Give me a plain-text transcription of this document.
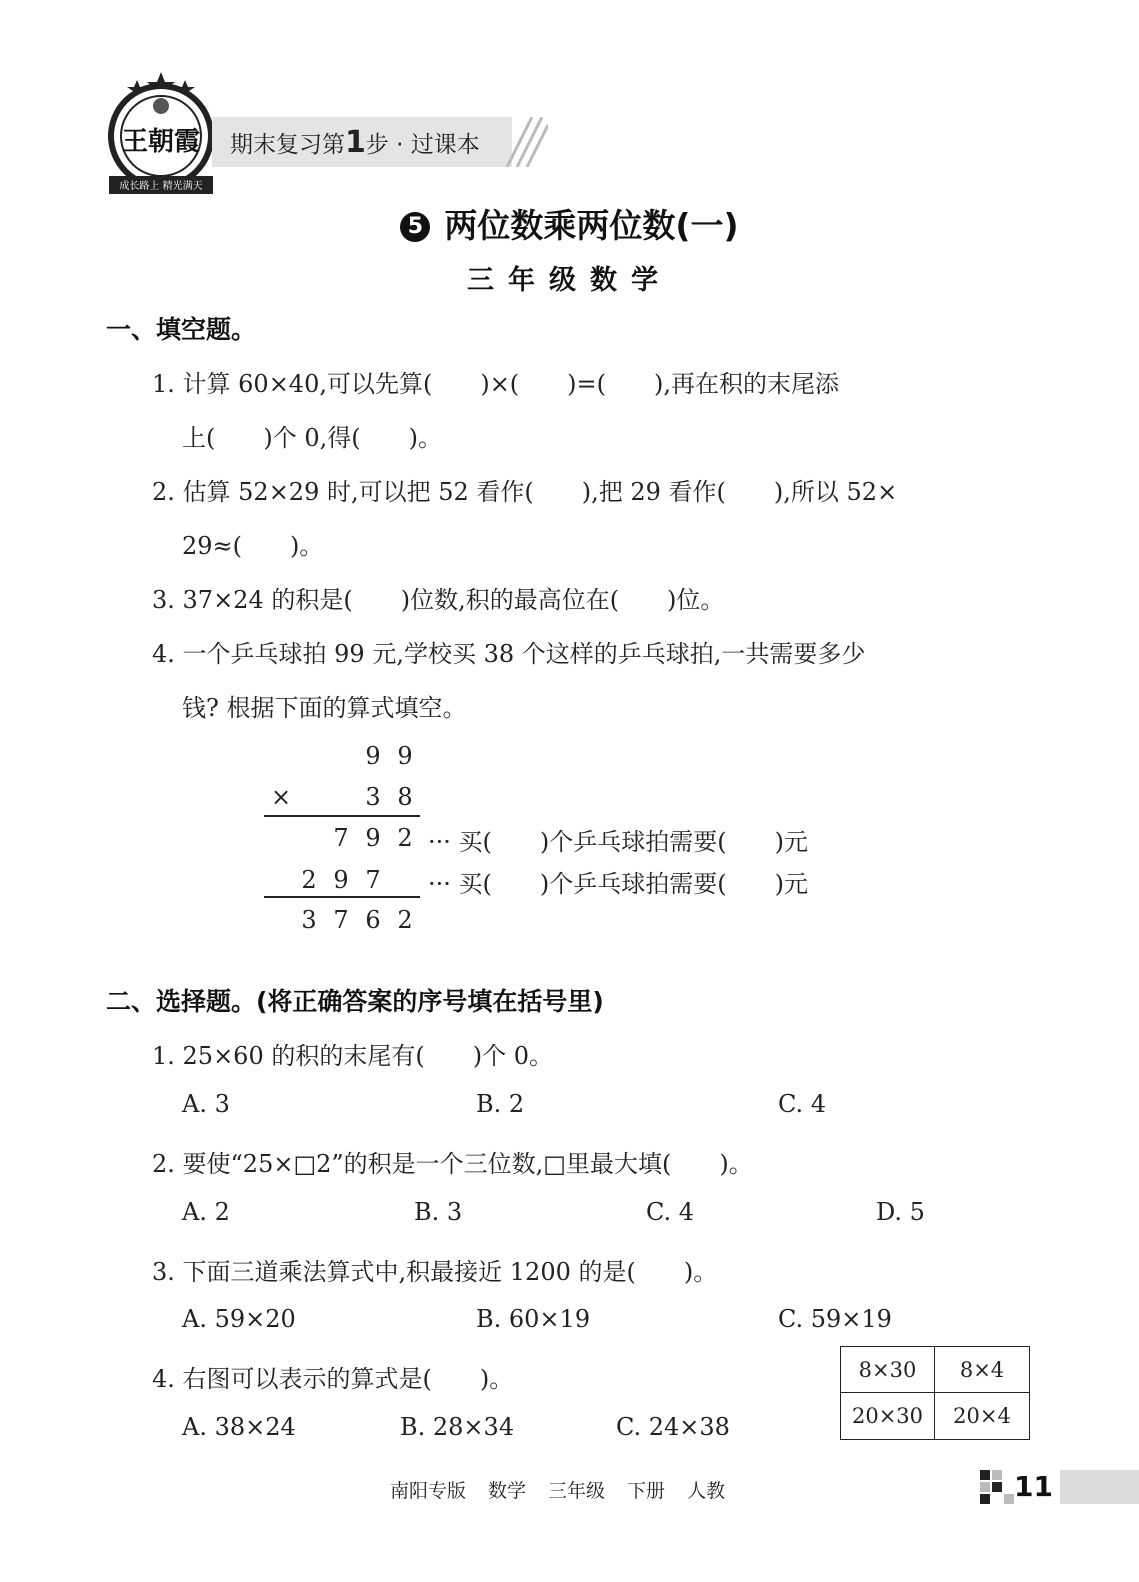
王朝霞
成长路上 精光满天
期末复习第1步 · 过课本
5 两位数乘两位数(一)
三年级数学
一、填空题。
1. 计算 60×40,可以先算(　　)×(　　)=(　　),再在积的末尾添
上(　　)个 0,得(　　)。
2. 估算 52×29 时,可以把 52 看作(　　),把 29 看作(　　),所以 52×
29≈(　　)。
3. 37×24 的积是(　　)位数,积的最高位在(　　)位。
4. 一个乒乓球拍 99 元,学校买 38 个这样的乒乓球拍,一共需要多少
钱? 根据下面的算式填空。
9 9
×	3 8
7 9 2 ··· 买(　　)个乒乓球拍需要(　　)元
2 9 7	··· 买(　　)个乒乓球拍需要(　　)元
3 7 6 2
二、选择题。(将正确答案的序号填在括号里)
1. 25×60 的积的末尾有(　　)个 0。
A. 3	B. 2	C. 4
2. 要使“25×□2”的积是一个三位数,□里最大填(　　)。
A. 2	B. 3	C. 4	D. 5
3. 下面三道乘法算式中,积最接近 1200 的是(　　)。
A. 59×20	B. 60×19	C. 59×19
4. 右图可以表示的算式是(　　)。
A. 38×24	B. 28×34	C. 24×38
8×30	8×4
20×30	20×4
南阳专版 数学 三年级 下册 人教	11
